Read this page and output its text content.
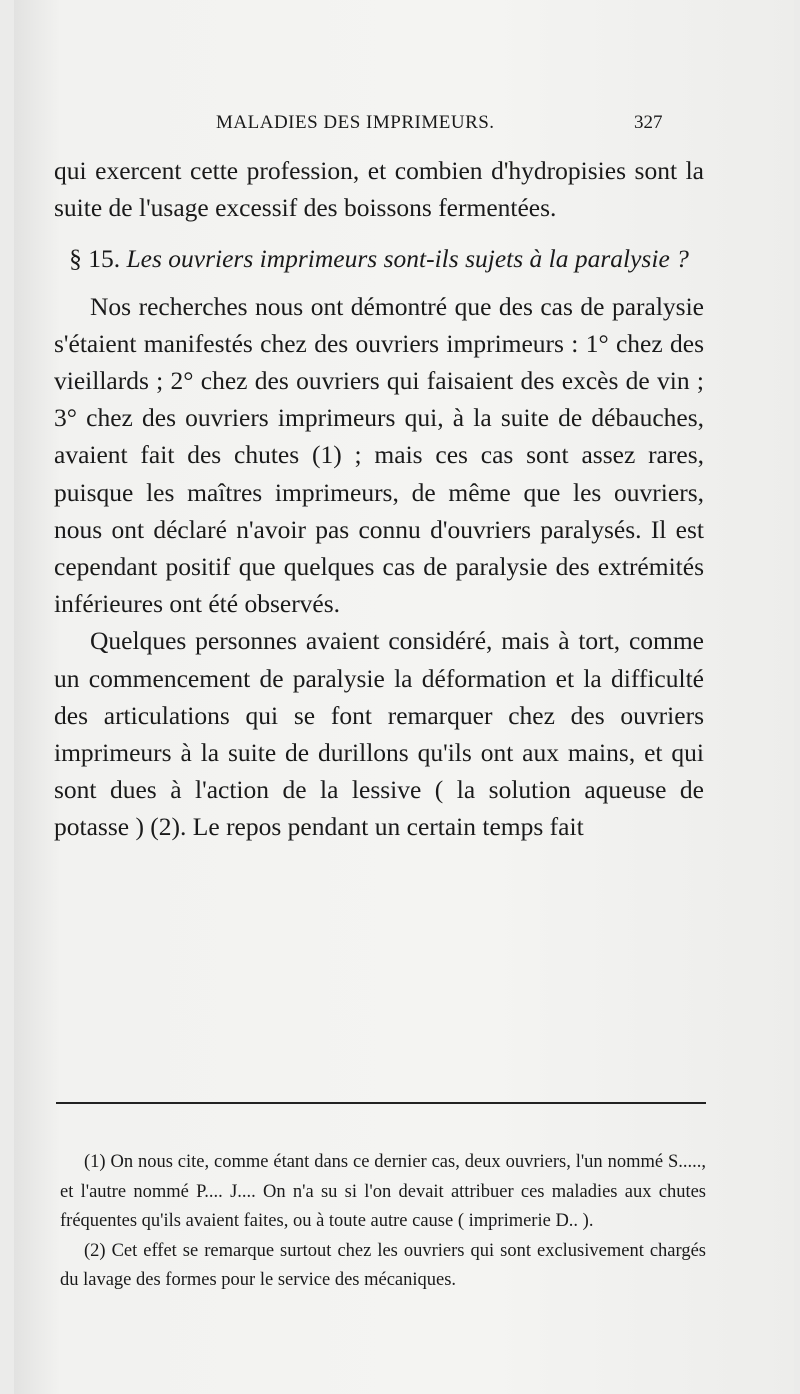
MALADIES DES IMPRIMEURS.	327

qui exercent cette profession, et combien d'hydropisies sont la suite de l'usage excessif des boissons fermentées.

§ 15. Les ouvriers imprimeurs sont-ils sujets à la paralysie ?

Nos recherches nous ont démontré que des cas de paralysie s'étaient manifestés chez des ouvriers imprimeurs : 1° chez des vieillards ; 2° chez des ouvriers qui faisaient des excès de vin ; 3° chez des ouvriers imprimeurs qui, à la suite de débauches, avaient fait des chutes (1) ; mais ces cas sont assez rares, puisque les maîtres imprimeurs, de même que les ouvriers, nous ont déclaré n'avoir pas connu d'ouvriers paralysés. Il est cependant positif que quelques cas de paralysie des extrémités inférieures ont été observés.

Quelques personnes avaient considéré, mais à tort, comme un commencement de paralysie la déformation et la difficulté des articulations qui se font remarquer chez des ouvriers imprimeurs à la suite de durillons qu'ils ont aux mains, et qui sont dues à l'action de la lessive ( la solution aqueuse de potasse ) (2). Le repos pendant un certain temps fait

(1) On nous cite, comme étant dans ce dernier cas, deux ouvriers, l'un nommé S....., et l'autre nommé P.... J.... On n'a su si l'on devait attribuer ces maladies aux chutes fréquentes qu'ils avaient faites, ou à toute autre cause ( imprimerie D.. ).

(2) Cet effet se remarque surtout chez les ouvriers qui sont exclusivement chargés du lavage des formes pour le service des mécaniques.
